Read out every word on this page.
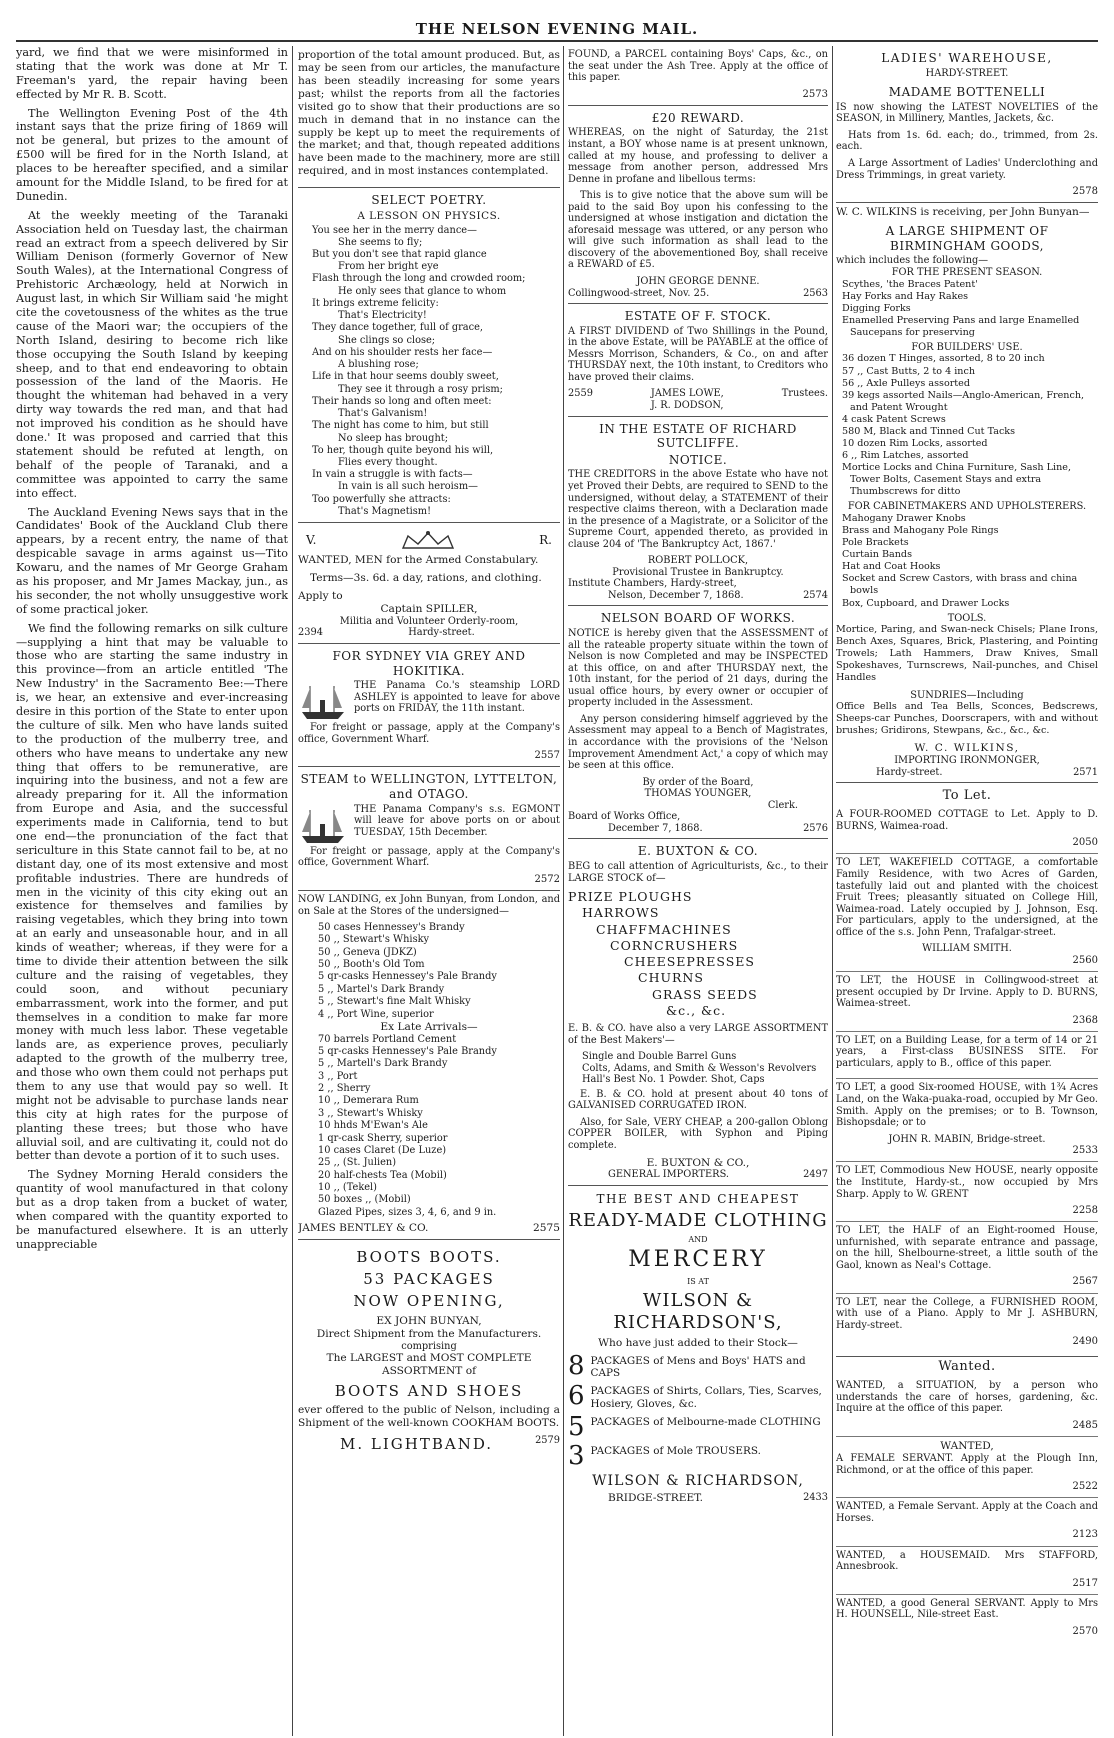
THE NELSON EVENING MAIL.

yard, we find that we were misinformed in stating that the work was done at Mr T. Freeman's yard, the repair having been effected by Mr R. B. Scott.

The Wellington Evening Post of the 4th instant says that the prize firing of 1869 will not be general, but prizes to the amount of £500 will be fired for in the North Island, at places to be hereafter specified, and a similar amount for the Middle Island, to be fired for at Dunedin.

At the weekly meeting of the Taranaki Association held on Tuesday last, the chairman read an extract from a speech delivered by Sir William Denison (formerly Governor of New South Wales), at the International Congress of Prehistoric Archæology, held at Norwich in August last, in which Sir William said 'he might cite the covetousness of the whites as the true cause of the Maori war; the occupiers of the North Island, desiring to become rich like those occupying the South Island by keeping sheep, and to that end endeavoring to obtain possession of the land of the Maoris. He thought the whiteman had behaved in a very dirty way towards the red man, and that had not improved his condition as he should have done.' It was proposed and carried that this statement should be refuted at length, on behalf of the people of Taranaki, and a committee was appointed to carry the same into effect.

The Auckland Evening News says that in the Candidates' Book of the Auckland Club there appears, by a recent entry, the name of that despicable savage in arms against us—Tito Kowaru, and the names of Mr George Graham as his proposer, and Mr James Mackay, jun., as his seconder, the not wholly unsuggestive work of some practical joker.

We find the following remarks on silk culture—supplying a hint that may be valuable to those who are starting the same industry in this province—from an article entitled 'The New Industry' in the Sacramento Bee:—There is, we hear, an extensive and ever-increasing desire in this portion of the State to enter upon the culture of silk. Men who have lands suited to the production of the mulberry tree, and others who have means to undertake any new thing that offers to be remunerative, are inquiring into the business, and not a few are already preparing for it. All the information from Europe and Asia, and the successful experiments made in California, tend to but one end—the pronunciation of the fact that sericulture in this State cannot fail to be, at no distant day, one of its most extensive and most profitable industries. There are hundreds of men in the vicinity of this city eking out an existence for themselves and families by raising vegetables, which they bring into town at an early and unseasonable hour, and in all kinds of weather; whereas, if they were for a time to divide their attention between the silk culture and the raising of vegetables, they could soon, and without pecuniary embarrassment, work into the former, and put themselves in a condition to make far more money with much less labor. These vegetable lands are, as experience proves, peculiarly adapted to the growth of the mulberry tree, and those who own them could not perhaps put them to any use that would pay so well. It might not be advisable to purchase lands near this city at high rates for the purpose of planting these trees; but those who have alluvial soil, and are cultivating it, could not do better than devote a portion of it to such uses.

The Sydney Morning Herald considers the quantity of wool manufactured in that colony but as a drop taken from a bucket of water, when compared with the quantity exported to be manufactured elsewhere. It is an utterly unappreciable

proportion of the total amount produced. But, as may be seen from our articles, the manufacture has been steadily increasing for some years past; whilst the reports from all the factories visited go to show that their productions are so much in demand that in no instance can the supply be kept up to meet the requirements of the market; and that, though repeated additions have been made to the machinery, more are still required, and in most instances contemplated.

SELECT POETRY.
A LESSON ON PHYSICS.
You see her in the merry dance—
She seems to fly;
But you don't see that rapid glance
From her bright eye
Flash through the long and crowded room;
He only sees that glance to whom
It brings extreme felicity:
That's Electricity!
They dance together, full of grace,
She clings so close;
And on his shoulder rests her face—
A blushing rose;
Life in that hour seems doubly sweet,
They see it through a rosy prism;
Their hands so long and often meet:
That's Galvanism!
The night has come to him, but still
No sleep has brought;
To her, though quite beyond his will,
Flies every thought.
In vain a struggle is with facts—
In vain is all such heroism—
Too powerfully she attracts:
That's Magnetism!
V.	R.

WANTED, MEN for the Armed Constabulary.

Terms—3s. 6d. a day, rations, and clothing.

Apply to
Captain SPILLER,
Militia and Volunteer Orderly-room,
2394	Hardy-street.
FOR SYDNEY VIA GREY AND HOKITIKA.

THE Panama Co.'s steamship LORD ASHLEY is appointed to leave for above ports on FRIDAY, the 11th instant.

For freight or passage, apply at the Company's office, Government Wharf.

2557
STEAM to WELLINGTON, LYTTELTON, and OTAGO.

THE Panama Company's s.s. EGMONT will leave for above ports on or about TUESDAY, 15th December.

For freight or passage, apply at the Company's office, Government Wharf.

2572

NOW LANDING, ex John Bunyan, from London, and on Sale at the Stores of the undersigned—

50 cases Hennessey's Brandy
50 ,, Stewart's Whisky
50 ,, Geneva (JDKZ)
50 ,, Booth's Old Tom
5 qr-casks Hennessey's Pale Brandy
5 ,, Martel's Dark Brandy
5 ,, Stewart's fine Malt Whisky
4 ,, Port Wine, superior
Ex Late Arrivals—
70 barrels Portland Cement
5 qr-casks Hennessey's Pale Brandy
5 ,, Martell's Dark Brandy
3 ,, Port
2 ,, Sherry
10 ,, Demerara Rum
3 ,, Stewart's Whisky
10 hhds M'Ewan's Ale
1 qr-cask Sherry, superior
10 cases Claret (De Luze)
25 ,, (St. Julien)
20 half-chests Tea (Mobil)
10 ,, (Tekel)
50 boxes ,, (Mobil)
Glazed Pipes, sizes 3, 4, 6, and 9 in.
JAMES BENTLEY & CO.	2575
BOOTS BOOTS.
53 PACKAGES
NOW OPENING,
EX JOHN BUNYAN,
Direct Shipment from the Manufacturers.
comprising
The LARGEST and MOST COMPLETE ASSORTMENT of
BOOTS AND SHOES

ever offered to the public of Nelson, including a Shipment of the well-known COOKHAM BOOTS.

M. LIGHTBAND.	2579

FOUND, a PARCEL containing Boys' Caps, &c., on the seat under the Ash Tree. Apply at the office of this paper.

2573
£20 REWARD.

WHEREAS, on the night of Saturday, the 21st instant, a BOY whose name is at present unknown, called at my house, and professing to deliver a message from another person, addressed Mrs Denne in profane and libellous terms:

This is to give notice that the above sum will be paid to the said Boy upon his confessing to the undersigned at whose instigation and dictation the aforesaid message was uttered, or any person who will give such information as shall lead to the discovery of the abovementioned Boy, shall receive a REWARD of £5.

JOHN GEORGE DENNE.
Collingwood-street, Nov. 25.	2563
ESTATE OF F. STOCK.

A FIRST DIVIDEND of Two Shillings in the Pound, in the above Estate, will be PAYABLE at the office of Messrs Morrison, Schanders, & Co., on and after THURSDAY next, the 10th instant, to Creditors who have proved their claims.

2559	JAMES LOWE,
J. R. DODSON,
Trustees.
IN THE ESTATE OF RICHARD SUTCLIFFE.
NOTICE.

THE CREDITORS in the above Estate who have not yet Proved their Debts, are required to SEND to the undersigned, without delay, a STATEMENT of their respective claims thereon, with a Declaration made in the presence of a Magistrate, or a Solicitor of the Supreme Court, appended thereto, as provided in clause 204 of 'The Bankruptcy Act, 1867.'

ROBERT POLLOCK,
Provisional Trustee in Bankruptcy.
Institute Chambers, Hardy-street,
Nelson, December 7, 1868.	2574
NELSON BOARD OF WORKS.

NOTICE is hereby given that the ASSESSMENT of all the rateable property situate within the town of Nelson is now Completed and may be INSPECTED at this office, on and after THURSDAY next, the 10th instant, for the period of 21 days, during the usual office hours, by every owner or occupier of property included in the Assessment.

Any person considering himself aggrieved by the Assessment may appeal to a Bench of Magistrates, in accordance with the provisions of the 'Nelson Improvement Amendment Act,' a copy of which may be seen at this office.

By order of the Board,
THOMAS YOUNGER,
Clerk.
Board of Works Office,
December 7, 1868.	2576
E. BUXTON & CO.

BEG to call attention of Agriculturists, &c., to their LARGE STOCK of—

PRIZE PLOUGHS
HARROWS
CHAFFMACHINES
CORNCRUSHERS
CHEESEPRESSES
CHURNS
GRASS SEEDS
&c., &c.

E. B. & CO. have also a very LARGE ASSORTMENT of the Best Makers'—

Single and Double Barrel Guns
Colts, Adams, and Smith & Wesson's Revolvers
Hall's Best No. 1 Powder. Shot, Caps

E. B. & CO. hold at present about 40 tons of GALVANISED CORRUGATED IRON.

Also, for Sale, VERY CHEAP, a 200-gallon Oblong COPPER BOILER, with Syphon and Piping complete.

E. BUXTON & CO.,
GENERAL IMPORTERS.	2497
THE BEST AND CHEAPEST
READY-MADE CLOTHING
AND
MERCERY
IS AT
WILSON & RICHARDSON'S,
Who have just added to their Stock—
8 PACKAGES of Mens and Boys' HATS and CAPS
6 PACKAGES of Shirts, Collars, Ties, Scarves, Hosiery, Gloves, &c.
5 PACKAGES of Melbourne-made CLOTHING
3 PACKAGES of Mole TROUSERS.
WILSON & RICHARDSON,
BRIDGE-STREET.	2433
LADIES' WAREHOUSE,
HARDY-STREET.
MADAME BOTTENELLI

IS now showing the LATEST NOVELTIES of the SEASON, in Millinery, Mantles, Jackets, &c.

Hats from 1s. 6d. each; do., trimmed, from 2s. each.

A Large Assortment of Ladies' Underclothing and Dress Trimmings, in great variety.

2578

W. C. WILKINS is receiving, per John Bunyan—

A LARGE SHIPMENT OF BIRMINGHAM GOODS,
which includes the following—
FOR THE PRESENT SEASON.
Scythes, 'the Braces Patent'
Hay Forks and Hay Rakes
Digging Forks
Enamelled Preserving Pans and large Enamelled Saucepans for preserving
FOR BUILDERS' USE.
36 dozen T Hinges, assorted, 8 to 20 inch
57 ,, Cast Butts, 2 to 4 inch
56 ,, Axle Pulleys assorted
39 kegs assorted Nails—Anglo-American, French, and Patent Wrought
4 cask Patent Screws
580 M, Black and Tinned Cut Tacks
10 dozen Rim Locks, assorted
6 ,, Rim Latches, assorted
Mortice Locks and China Furniture, Sash Line, Tower Bolts, Casement Stays and extra Thumbscrews for ditto
FOR CABINETMAKERS AND UPHOLSTERERS.
Mahogany Drawer Knobs
Brass and Mahogany Pole Rings
Pole Brackets
Curtain Bands
Hat and Coat Hooks
Socket and Screw Castors, with brass and china bowls
Box, Cupboard, and Drawer Locks
TOOLS.

Mortice, Paring, and Swan-neck Chisels; Plane Irons, Bench Axes, Squares, Brick, Plastering, and Pointing Trowels; Lath Hammers, Draw Knives, Small Spokeshaves, Turnscrews, Nail-punches, and Chisel Handles

SUNDRIES—Including

Office Bells and Tea Bells, Sconces, Bedscrews, Sheeps-car Punches, Doorscrapers, with and without brushes; Gridirons, Stewpans, &c., &c., &c.

W. C. WILKINS,
IMPORTING IRONMONGER,
Hardy-street.	2571
To Let.

A FOUR-ROOMED COTTAGE to Let. Apply to D. BURNS, Waimea-road.

2050

TO LET, WAKEFIELD COTTAGE, a comfortable Family Residence, with two Acres of Garden, tastefully laid out and planted with the choicest Fruit Trees; pleasantly situated on College Hill, Waimea-road. Lately occupied by J. Johnson, Esq. For particulars, apply to the undersigned, at the office of the s.s. John Penn, Trafalgar-street.

WILLIAM SMITH.
2560

TO LET, the HOUSE in Collingwood-street at present occupied by Dr Irvine. Apply to D. BURNS, Waimea-street.

2368

TO LET, on a Building Lease, for a term of 14 or 21 years, a First-class BUSINESS SITE. For particulars, apply to B., office of this paper.

TO LET, a good Six-roomed HOUSE, with 1¾ Acres Land, on the Waka-puaka-road, occupied by Mr Geo. Smith. Apply on the premises; or to B. Townson, Bishopsdale; or to

JOHN R. MABIN, Bridge-street.
2533

TO LET, Commodious New HOUSE, nearly opposite the Institute, Hardy-st., now occupied by Mrs Sharp. Apply to W. GRENT

2258

TO LET, the HALF of an Eight-roomed House, unfurnished, with separate entrance and passage, on the hill, Shelbourne-street, a little south of the Gaol, known as Neal's Cottage.

2567

TO LET, near the College, a FURNISHED ROOM, with use of a Piano. Apply to Mr J. ASHBURN, Hardy-street.

2490
Wanted.

WANTED, a SITUATION, by a person who understands the care of horses, gardening, &c. Inquire at the office of this paper.

2485
WANTED,

A FEMALE SERVANT. Apply at the Plough Inn, Richmond, or at the office of this paper.

2522

WANTED, a Female Servant. Apply at the Coach and Horses.

2123

WANTED, a HOUSEMAID. Mrs STAFFORD, Annesbrook.

2517

WANTED, a good General SERVANT. Apply to Mrs H. HOUNSELL, Nile-street East.

2570
